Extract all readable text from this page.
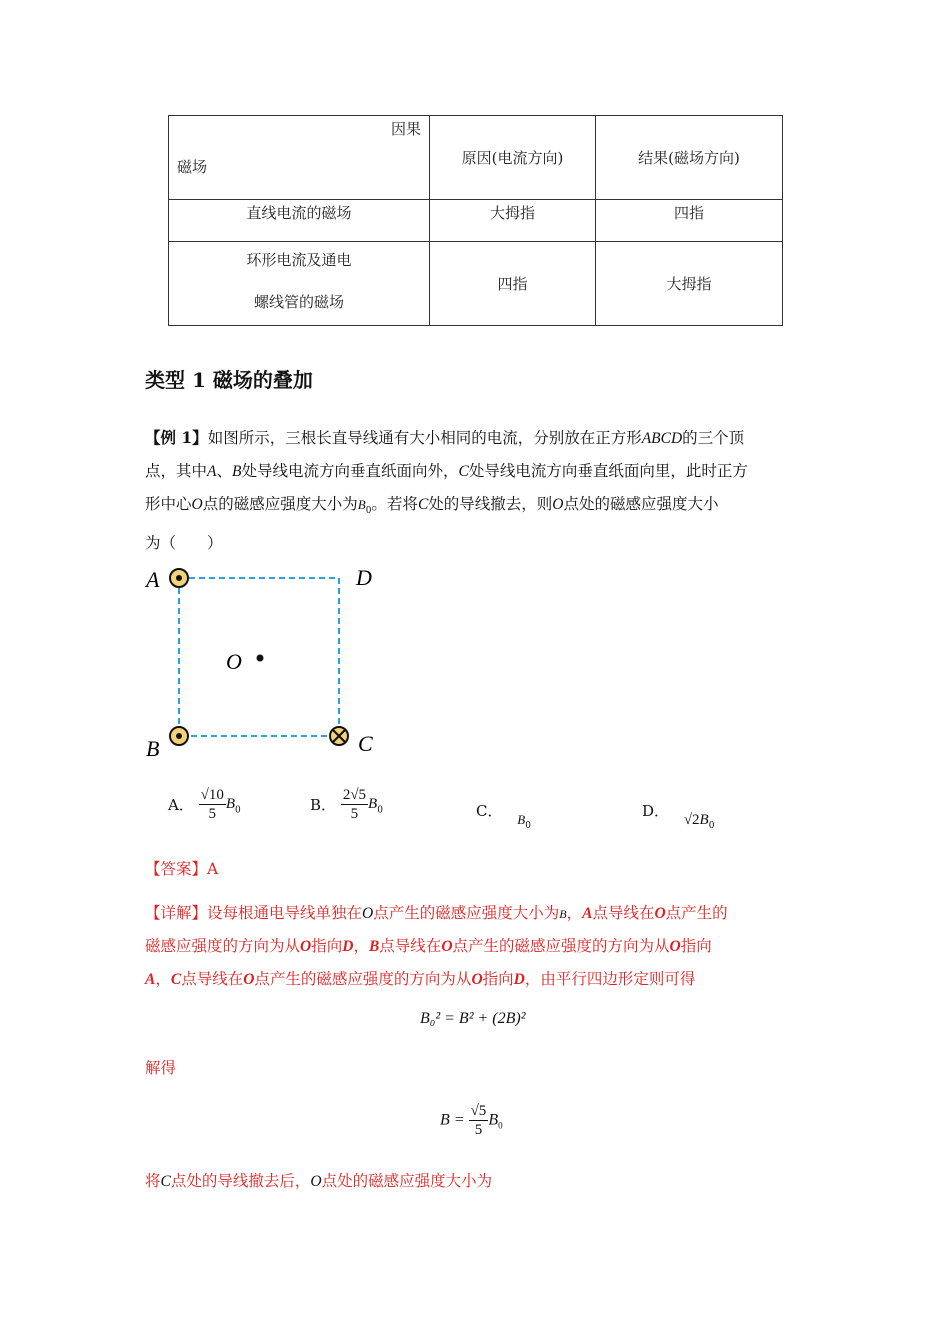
因果
磁场	原因(电流方向)	结果(磁场方向)
直线电流的磁场	大拇指	四指

环形电流及通电
螺线管的磁场	四指	大拇指
类型 1 磁场的叠加
【例 1】如图所示，三根长直导线通有大小相同的电流，分别放在正方形ABCD的三个顶
点，其中A、B处导线电流方向垂直纸面向外，C处导线电流方向垂直纸面向里，此时正方
形中心O点的磁感应强度大小为$B_0$。若将C处的导线撤去，则O点处的磁感应强度大小
为（　　）
A	D
O
B	C
A． $\frac{√10}{5} B_0$	B． $\frac{2√5}{5} B_0$	C． $B_0$
D． $√2B_0$
【答案】A
【详解】设每根通电导线单独在O点产生的磁感应强度大小为B，A点导线在O点产生的
磁感应强度的方向为从O指向D，B点导线在O点产生的磁感应强度的方向为从O指向
A，C点导线在O点产生的磁感应强度的方向为从O指向D，由平行四边形定则可得
B₀² = B² + (2B)²
解得
$B = \frac{√5}{5} B_0$
将C点处的导线撤去后，O点处的磁感应强度大小为
